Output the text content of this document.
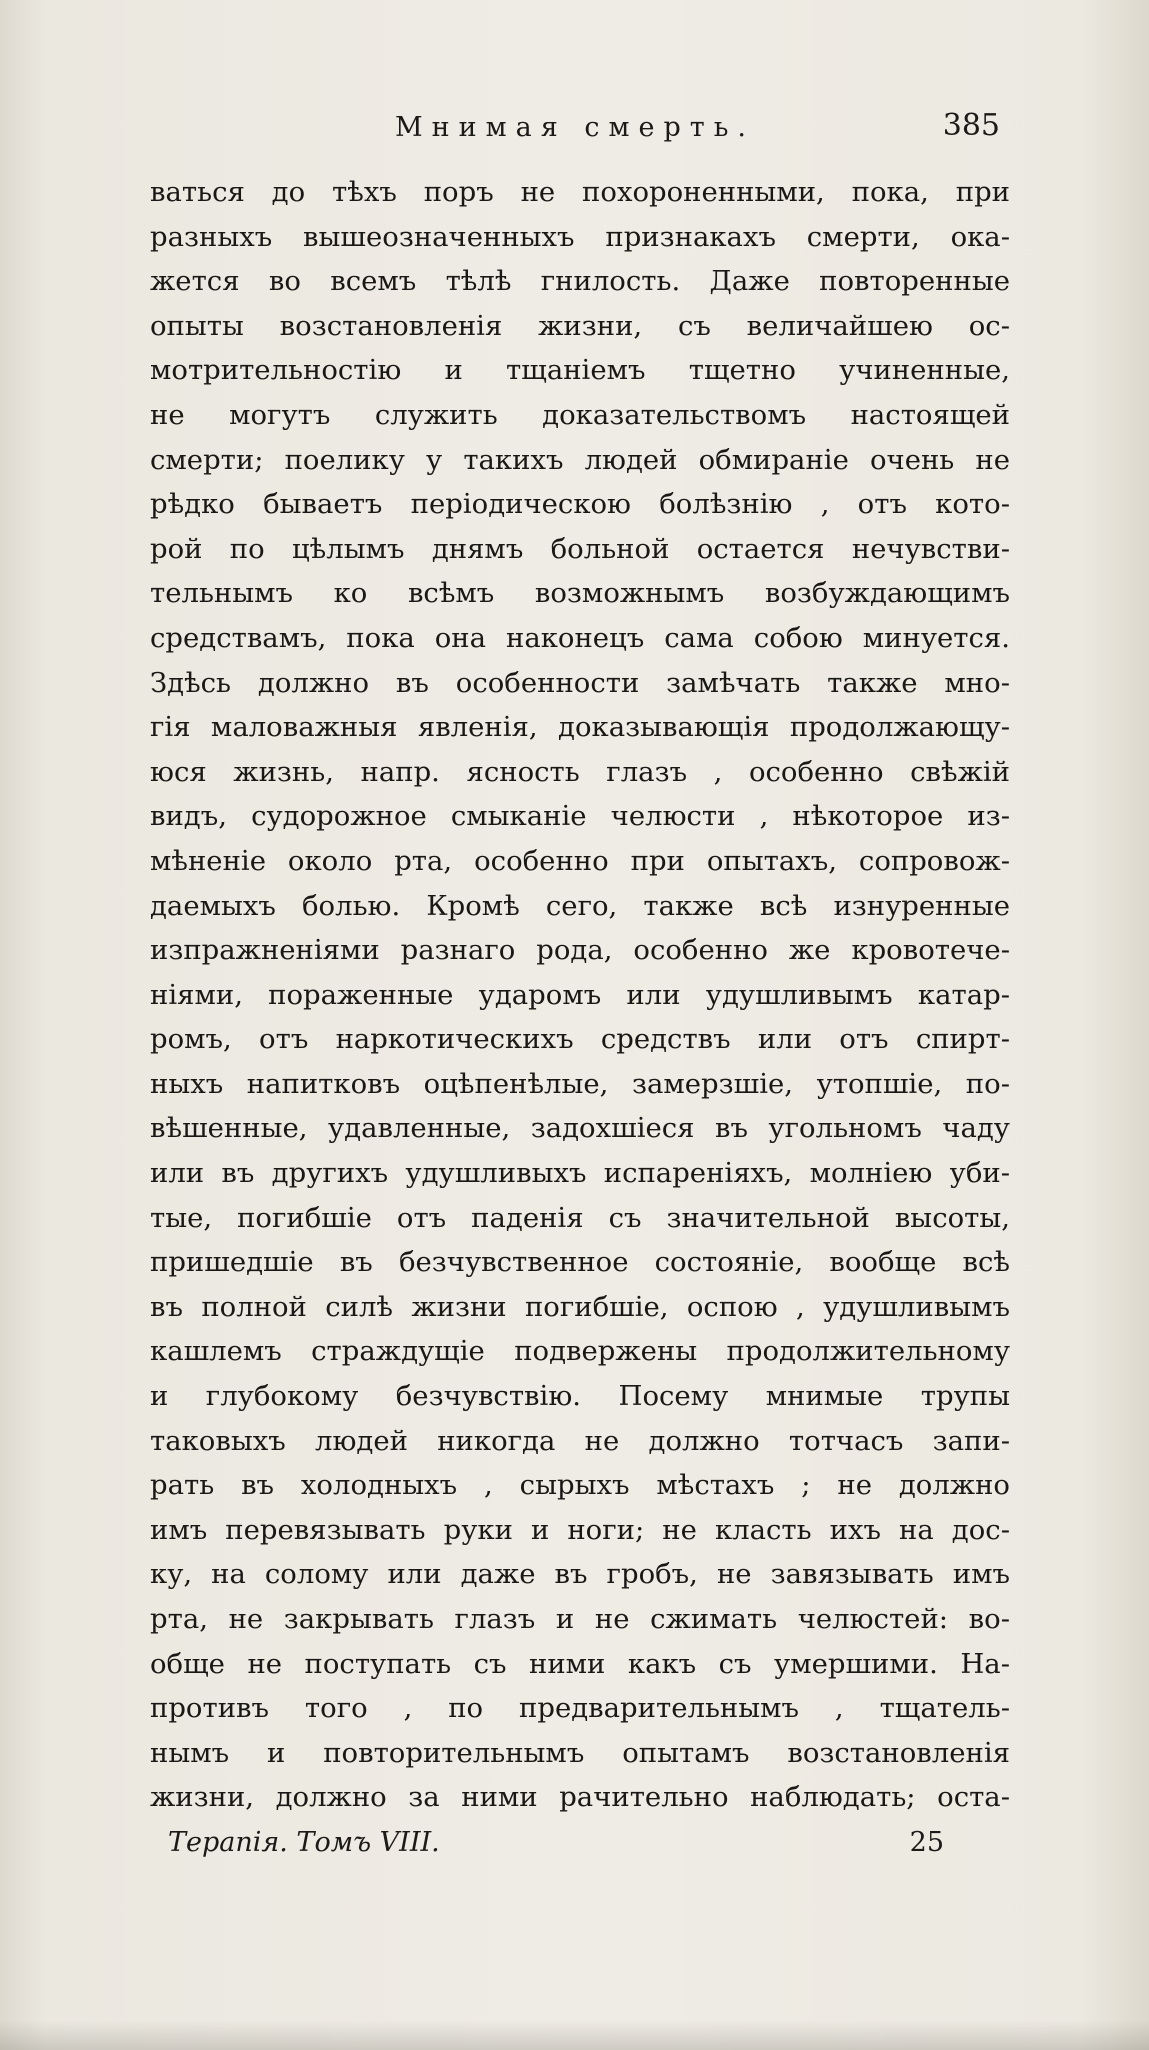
Мнимая смерть.	385
ваться до тѣхъ поръ не похороненными, пока, при
разныхъ вышеозначенныхъ признакахъ смерти, ока-
жется во всемъ тѣлѣ гнилость. Даже повторенные
опыты возстановленія жизни, съ величайшею ос-
мотрительностію и тщаніемъ тщетно учиненные,
не могутъ служить доказательствомъ настоящей
смерти; поелику у такихъ людей обмираніе очень не
рѣдко бываетъ періодическою болѣзнію , отъ кото-
рой по цѣлымъ днямъ больной остается нечувстви-
тельнымъ ко всѣмъ возможнымъ возбуждающимъ
средствамъ, пока она наконецъ сама собою минуется.
Здѣсь должно въ особенности замѣчать также мно-
гія маловажныя явленія, доказывающія продолжающу-
юся жизнь, напр. ясность глазъ , особенно свѣжій
видъ, судорожное смыканіе челюсти , нѣкоторое из-
мѣненіе около рта, особенно при опытахъ, сопровож-
даемыхъ болью. Кромѣ сего, также всѣ изнуренные
изпражненіями разнаго рода, особенно же кровотече-
ніями, пораженные ударомъ или удушливымъ катар-
ромъ, отъ наркотическихъ средствъ или отъ спирт-
ныхъ напитковъ оцѣпенѣлые, замерзшіе, утопшіе, по-
вѣшенные, удавленные, задохшіеся въ угольномъ чаду
или въ другихъ удушливыхъ испареніяхъ, молніею уби-
тые, погибшіе отъ паденія съ значительной высоты,
пришедшіе въ безчувственное состояніе, вообще всѣ
въ полной силѣ жизни погибшіе, оспою , удушливымъ
кашлемъ страждущіе подвержены продолжительному
и глубокому безчувствію. Посему мнимые трупы
таковыхъ людей никогда не должно тотчасъ запи-
рать въ холодныхъ , сырыхъ мѣстахъ ; не должно
имъ перевязывать руки и ноги; не класть ихъ на дос-
ку, на солому или даже въ гробъ, не завязывать имъ
рта, не закрывать глазъ и не сжимать челюстей: во-
обще не поступать съ ними какъ съ умершими. На-
противъ того , по предварительнымъ , тщатель-
нымъ и повторительнымъ опытамъ возстановленія
жизни, должно за ними рачительно наблюдать; оста-
Терапія. Томъ VIII.	25
